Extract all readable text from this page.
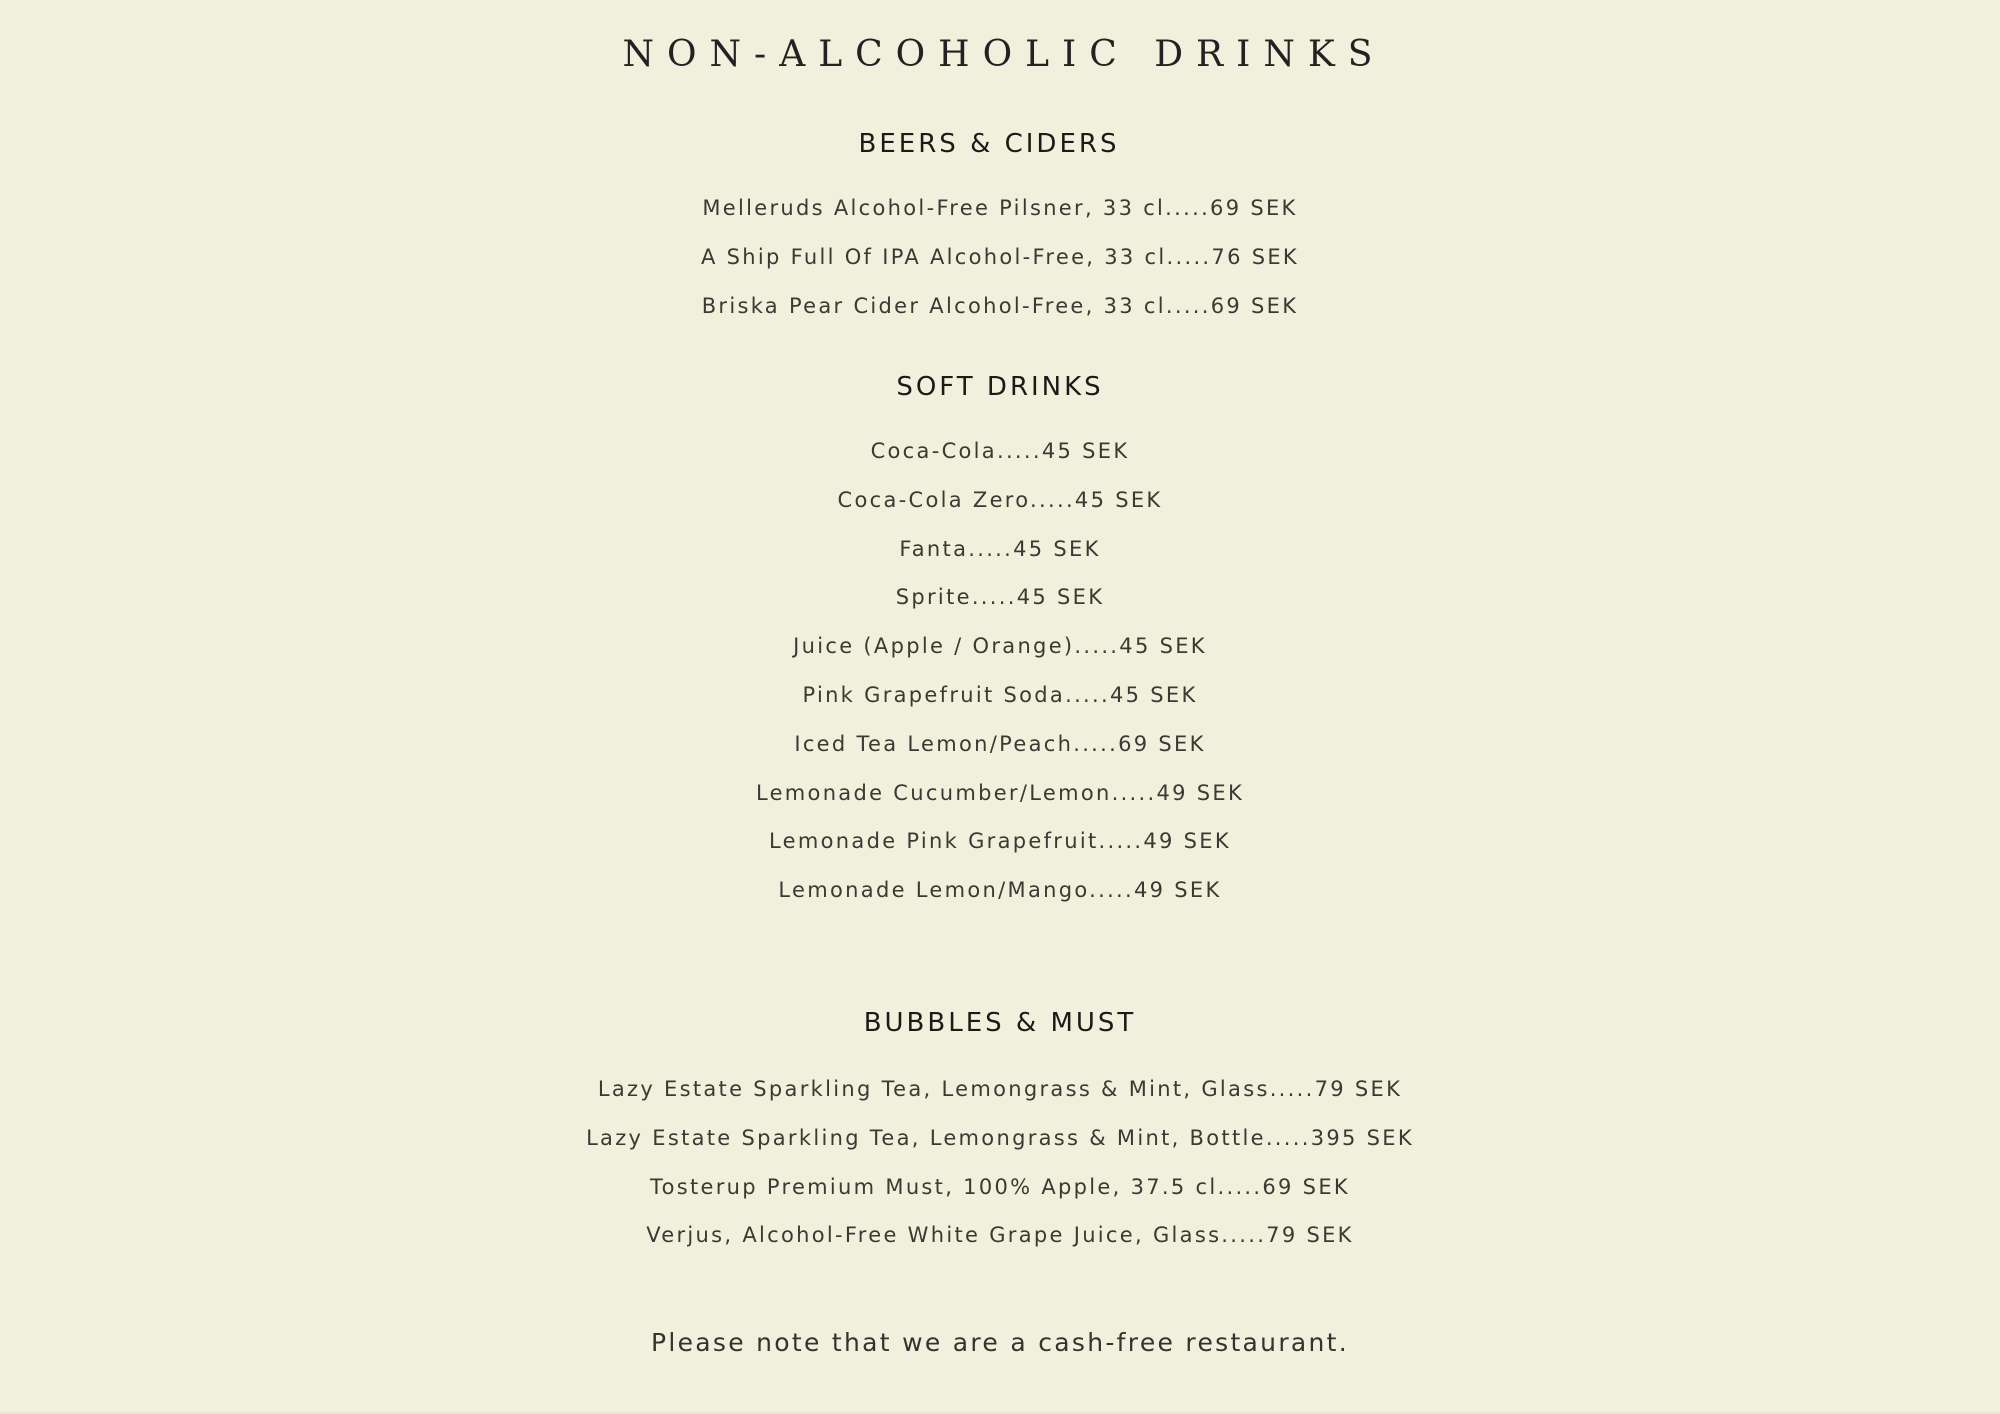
NON-ALCOHOLIC DRINKS
BEERS & CIDERS
Melleruds Alcohol-Free Pilsner, 33 cl.....69 SEK
A Ship Full Of IPA Alcohol-Free, 33 cl.....76 SEK
Briska Pear Cider Alcohol-Free, 33 cl.....69 SEK
SOFT DRINKS
Coca-Cola.....45 SEK
Coca-Cola Zero.....45 SEK
Fanta.....45 SEK
Sprite.....45 SEK
Juice (Apple / Orange).....45 SEK
Pink Grapefruit Soda.....45 SEK
Iced Tea Lemon/Peach.....69 SEK
Lemonade Cucumber/Lemon.....49 SEK
Lemonade Pink Grapefruit.....49 SEK
Lemonade Lemon/Mango.....49 SEK
BUBBLES & MUST
Lazy Estate Sparkling Tea, Lemongrass & Mint, Glass.....79 SEK
Lazy Estate Sparkling Tea, Lemongrass & Mint, Bottle.....395 SEK
Tosterup Premium Must, 100% Apple, 37.5 cl.....69 SEK
Verjus, Alcohol-Free White Grape Juice, Glass.....79 SEK

Please note that we are a cash-free restaurant.
